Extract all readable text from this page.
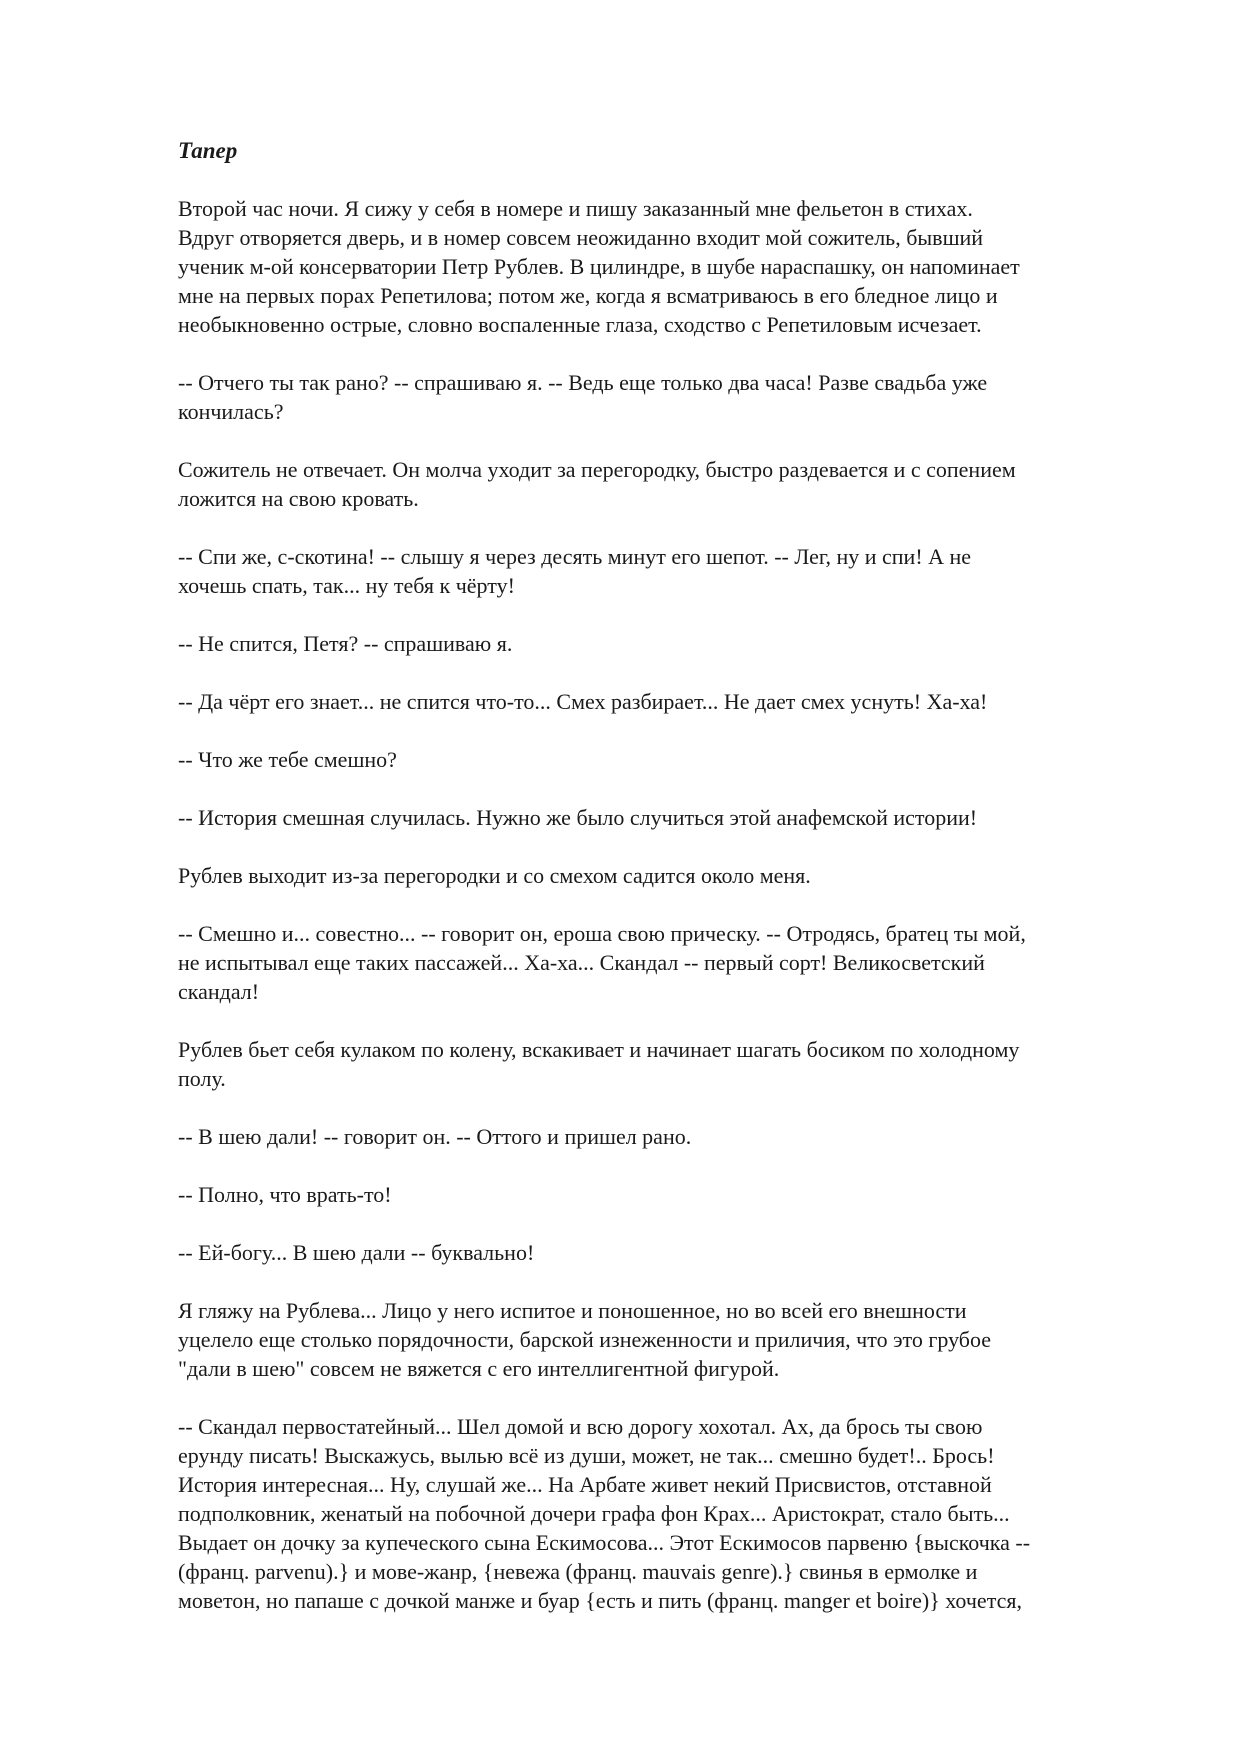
Тапер
Второй час ночи. Я сижу у себя в номере и пишу заказанный мне фельетон в стихах.
Вдруг отворяется дверь, и в номер совсем неожиданно входит мой сожитель, бывший
ученик м-ой консерватории Петр Рублев. В цилиндре, в шубе нараспашку, он напоминает
мне на первых порах Репетилова; потом же, когда я всматриваюсь в его бледное лицо и
необыкновенно острые, словно воспаленные глаза, сходство с Репетиловым исчезает.
-- Отчего ты так рано? -- спрашиваю я. -- Ведь еще только два часа! Разве свадьба уже
кончилась?
Сожитель не отвечает. Он молча уходит за перегородку, быстро раздевается и с сопением
ложится на свою кровать.
-- Спи же, с-скотина! -- слышу я через десять минут его шепот. -- Лег, ну и спи! А не
хочешь спать, так... ну тебя к чёрту!
-- Не спится, Петя? -- спрашиваю я.
-- Да чёрт его знает... не спится что-то... Смех разбирает... Не дает смех уснуть! Ха-ха!
-- Что же тебе смешно?
-- История смешная случилась. Нужно же было случиться этой анафемской истории!
Рублев выходит из-за перегородки и со смехом садится около меня.
-- Смешно и... совестно... -- говорит он, ероша свою прическу. -- Отродясь, братец ты мой,
не испытывал еще таких пассажей... Ха-ха... Скандал -- первый сорт! Великосветский
скандал!
Рублев бьет себя кулаком по колену, вскакивает и начинает шагать босиком по холодному
полу.
-- В шею дали! -- говорит он. -- Оттого и пришел рано.
-- Полно, что врать-то!
-- Ей-богу... В шею дали -- буквально!
Я гляжу на Рублева... Лицо у него испитое и поношенное, но во всей его внешности
уцелело еще столько порядочности, барской изнеженности и приличия, что это грубое
"дали в шею" совсем не вяжется с его интеллигентной фигурой.
-- Скандал первостатейный... Шел домой и всю дорогу хохотал. Ах, да брось ты свою
ерунду писать! Выскажусь, вылью всё из души, может, не так... смешно будет!.. Брось!
История интересная... Ну, слушай же... На Арбате живет некий Присвистов, отставной
подполковник, женатый на побочной дочери графа фон Крах... Аристократ, стало быть...
Выдает он дочку за купеческого сына Ескимосова... Этот Ескимосов парвеню {выскочка --
(франц. parvenu).} и мове-жанр, {невежа (франц. mauvais genre).} свинья в ермолке и
моветон, но папаше с дочкой манже и буар {есть и пить (франц. manger et boire)} хочется,
